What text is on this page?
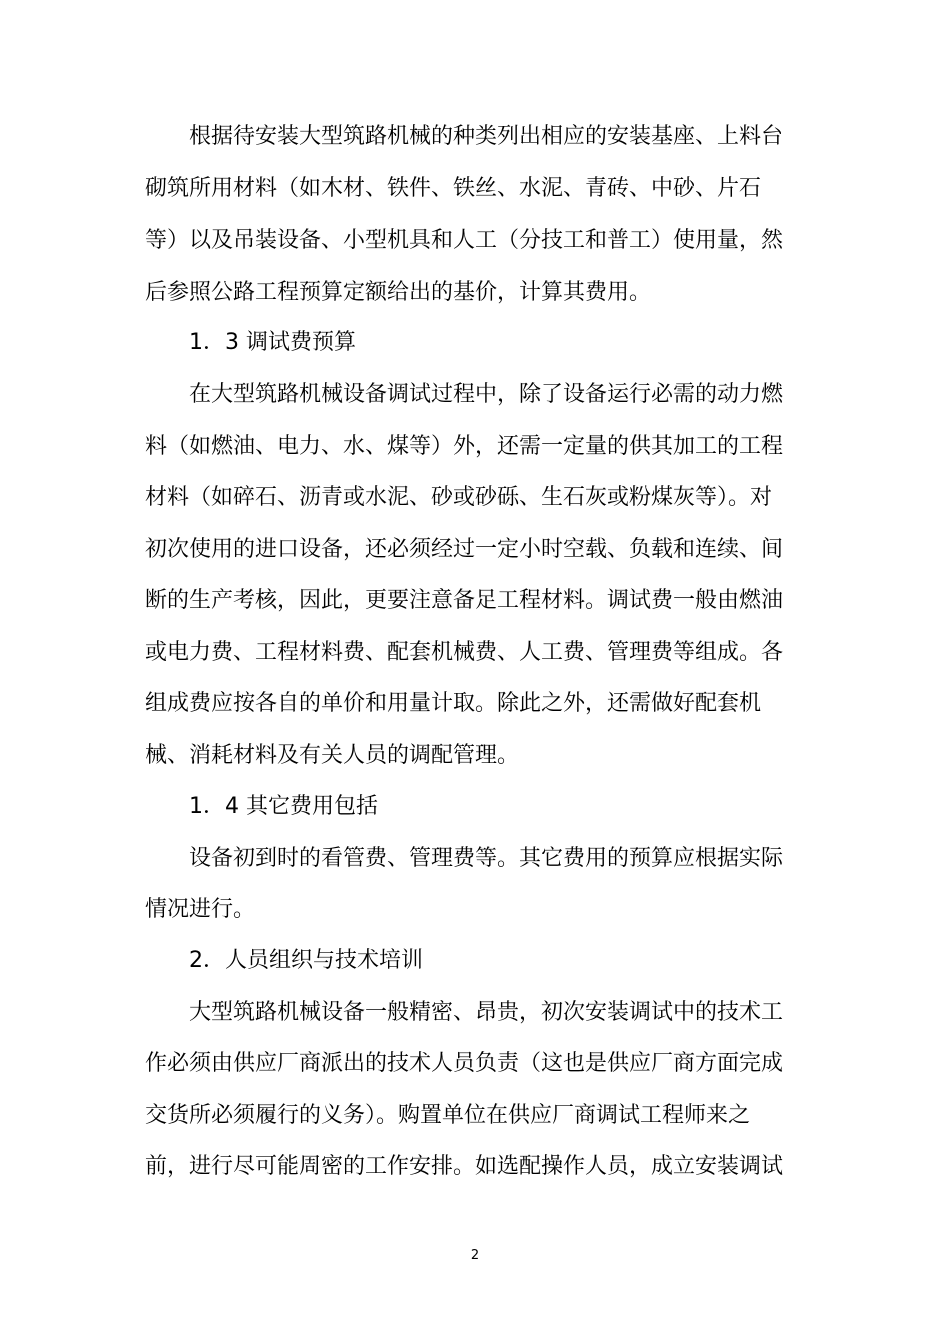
根据待安装大型筑路机械的种类列出相应的安装基座、上料台
砌筑所用材料（如木材、铁件、铁丝、水泥、青砖、中砂、片石
等）以及吊装设备、小型机具和人工（分技工和普工）使用量，然
后参照公路工程预算定额给出的基价，计算其费用。
1．3 调试费预算
在大型筑路机械设备调试过程中，除了设备运行必需的动力燃
料（如燃油、电力、水、煤等）外，还需一定量的供其加工的工程
材料（如碎石、沥青或水泥、砂或砂砾、生石灰或粉煤灰等）。对
初次使用的进口设备，还必须经过一定小时空载、负载和连续、间
断的生产考核，因此，更要注意备足工程材料。调试费一般由燃油
或电力费、工程材料费、配套机械费、人工费、管理费等组成。各
组成费应按各自的单价和用量计取。除此之外，还需做好配套机
械、消耗材料及有关人员的调配管理。
1．4 其它费用包括
设备初到时的看管费、管理费等。其它费用的预算应根据实际
情况进行。
2．人员组织与技术培训
大型筑路机械设备一般精密、昂贵，初次安装调试中的技术工
作必须由供应厂商派出的技术人员负责（这也是供应厂商方面完成
交货所必须履行的义务）。购置单位在供应厂商调试工程师来之
前，进行尽可能周密的工作安排。如选配操作人员，成立安装调试
2
